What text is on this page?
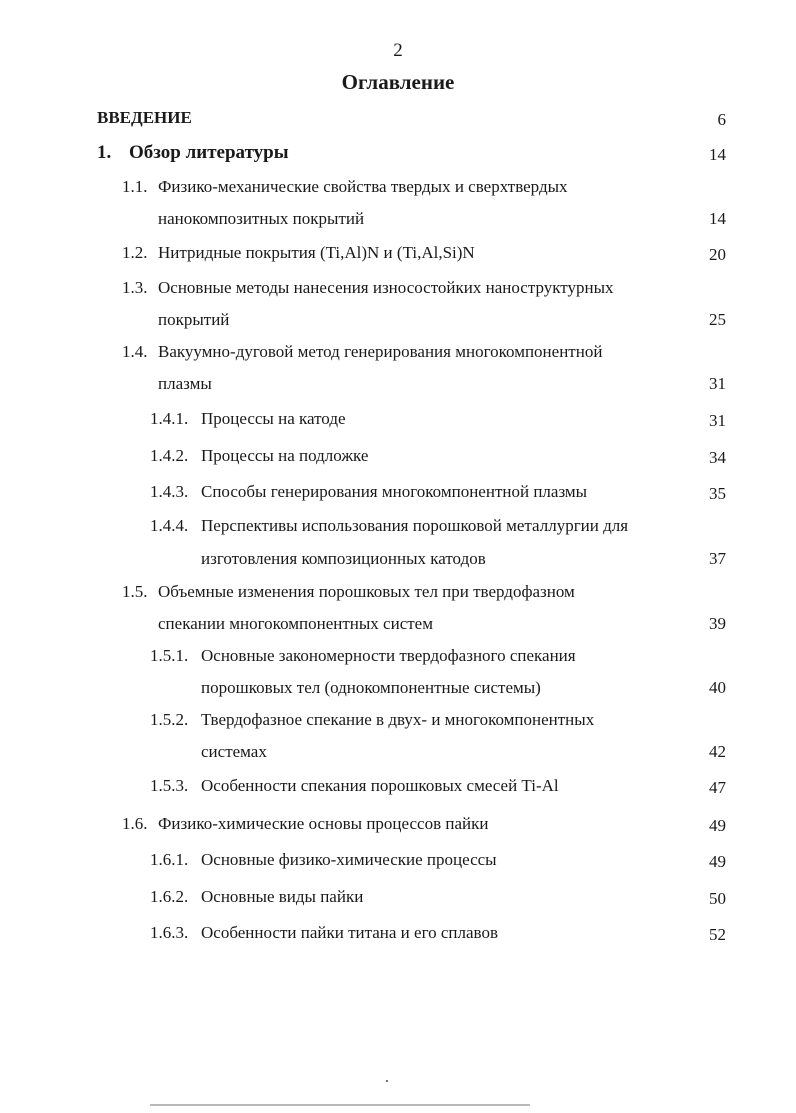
2
Оглавление
ВВЕДЕНИЕ	6
1. Обзор литературы	14
1.1. Физико-механические свойства твердых и сверхтвердых
нанокомпозитных покрытий	14
1.2. Нитридные покрытия (Ti,Al)N и (Ti,Al,Si)N	20
1.3. Основные методы нанесения износостойких наноструктурных
покрытий	25
1.4. Вакуумно-дуговой метод генерирования многокомпонентной
плазмы	31
1.4.1. Процессы на катоде	31
1.4.2. Процессы на подложке	34
1.4.3. Способы генерирования многокомпонентной плазмы	35
1.4.4. Перспективы использования порошковой металлургии для
изготовления композиционных катодов	37
1.5. Объемные изменения порошковых тел при твердофазном
спекании многокомпонентных систем	39
1.5.1. Основные закономерности твердофазного спекания
порошковых тел (однокомпонентные системы)	40
1.5.2. Твердофазное спекание в двух- и многокомпонентных
системах	42
1.5.3. Особенности спекания порошковых смесей Ti-Al	47
1.6. Физико-химические основы процессов пайки	49
1.6.1. Основные физико-химические процессы	49
1.6.2. Основные виды пайки	50
1.6.3. Особенности пайки титана и его сплавов	52
